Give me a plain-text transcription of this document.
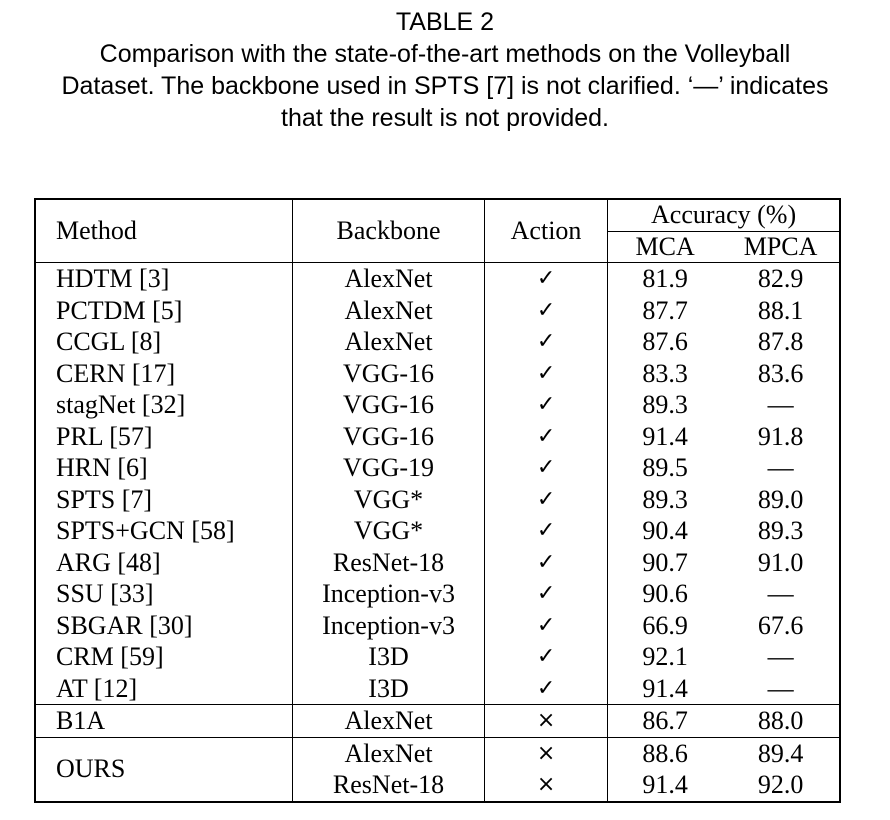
TABLE 2
Comparison with the state-of-the-art methods on the Volleyball
Dataset. The backbone used in SPTS [7] is not clarified. ‘—’ indicates
that the result is not provided.
Method	Backbone	Action	Accuracy (%)	
			MCA	MPCA
HDTM [3]	AlexNet	✓	81.9	82.9
PCTDM [5]	AlexNet	✓	87.7	88.1
CCGL [8]	AlexNet	✓	87.6	87.8
CERN [17]	VGG-16	✓	83.3	83.6
stagNet [32]	VGG-16	✓	89.3	—
PRL [57]	VGG-16	✓	91.4	91.8
HRN [6]	VGG-19	✓	89.5	—
SPTS [7]	VGG*	✓	89.3	89.0
SPTS+GCN [58]	VGG*	✓	90.4	89.3
ARG [48]	ResNet-18	✓	90.7	91.0
SSU [33]	Inception-v3	✓	90.6	—
SBGAR [30]	Inception-v3	✓	66.9	67.6
CRM [59]	I3D	✓	92.1	—
AT [12]	I3D	✓	91.4	—
B1A	AlexNet	×	86.7	88.0
OURS	AlexNet	×	88.6	89.4
	ResNet-18	×	91.4	92.0
